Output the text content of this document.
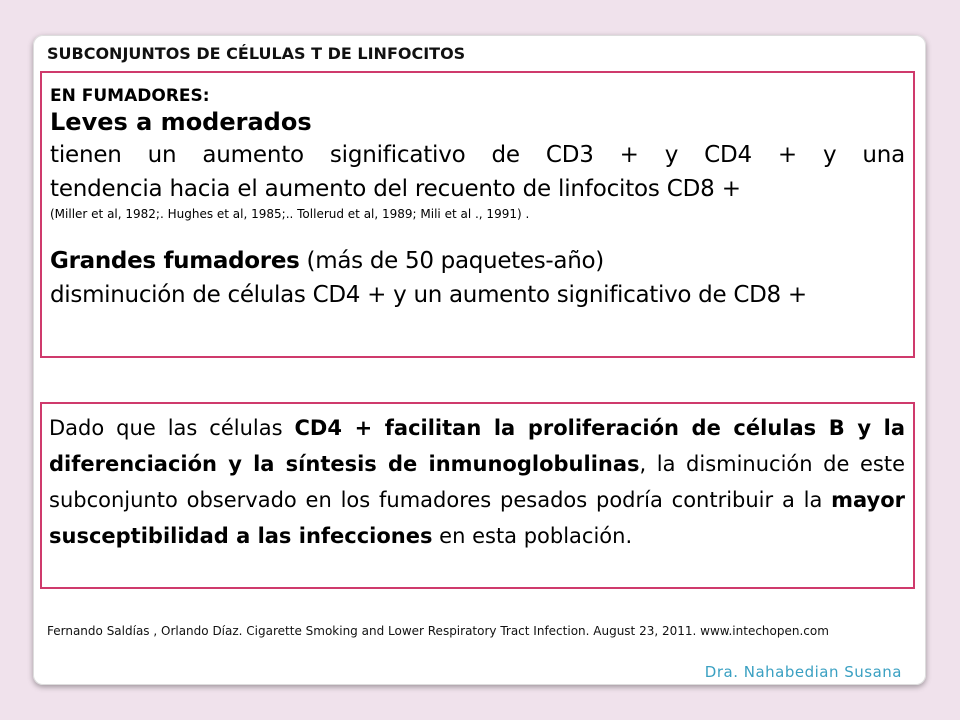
SUBCONJUNTOS DE CÉLULAS T DE LINFOCITOS
EN FUMADORES:
Leves a moderados
tienen un aumento significativo de CD3 + y CD4 + y una
tendencia hacia el aumento del recuento de linfocitos CD8 +
(Miller et al, 1982;. Hughes et al, 1985;.. Tollerud et al, 1989; Mili et al ., 1991) .
Grandes fumadores (más de 50 paquetes-año)
disminución de células CD4 + y un aumento significativo de CD8 +
Dado que las células CD4 + facilitan la proliferación de células B y la diferenciación y la síntesis de inmunoglobulinas, la disminución de este subconjunto observado en los fumadores pesados podría contribuir a la mayor susceptibilidad a las infecciones en esta población.
Fernando Saldías , Orlando Díaz. Cigarette Smoking and Lower Respiratory Tract Infection. August 23, 2011. www.intechopen.com
Dra. Nahabedian Susana
